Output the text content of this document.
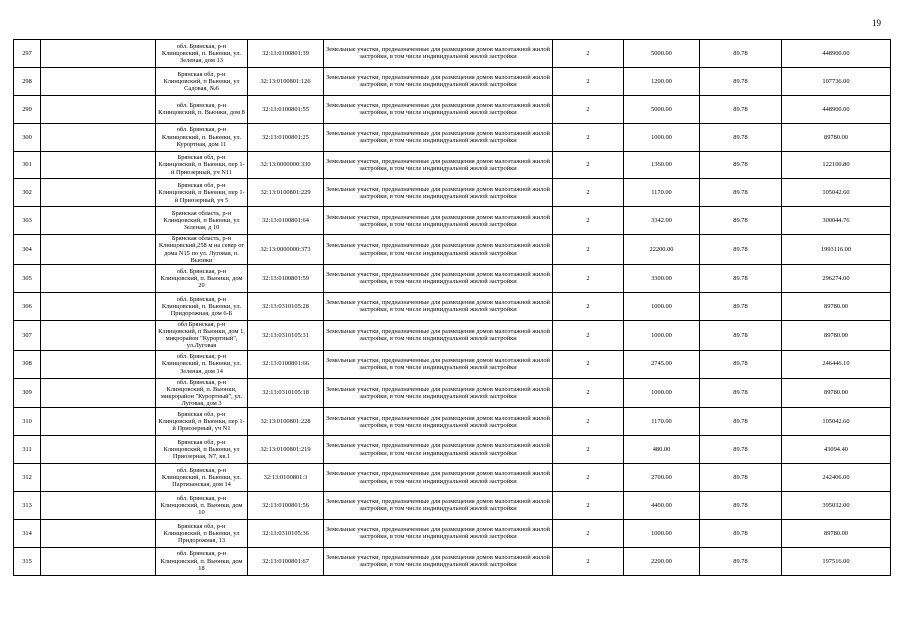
19
297		обл. Брянская, р-н Клинцовский, п. Вьюнки, ул. Зеленая, дом 13	32:13:0100801:39	Земельные участки, предназначенные для размещения домов малоэтажной жилой застройки, в том числе индивидуальной жилой застройки	2	5000.00	89.78	448900.00
298		Брянская обл, р-н Клинцовский, п Вьюнки, ул Садовая, №6	32:13:0100801:126	Земельные участки, предназначенные для размещения домов малоэтажной жилой застройки, в том числе индивидуальной жилой застройки	2	1200.00	89.78	107736.00
299		обл. Брянская, р-н Клинцовский, п. Вьюнки, дом 8	32:13:0100801:55	Земельные участки, предназначенные для размещения домов малоэтажной жилой застройки, в том числе индивидуальной жилой застройки	2	5000.00	89.78	448900.00
300		обл. Брянская, р-н Клинцовский, п. Вьюнки, ул. Курортная, дом 11	32:13:0100801:25	Земельные участки, предназначенные для размещения домов малоэтажной жилой застройки, в том числе индивидуальной жилой застройки	2	1000.00	89.78	89780.00
301		Брянская обл, р-н Клинцовский, п Вьюнки, пер 1-й Приозерный, уч N11	32:13:0000000:330	Земельные участки, предназначенные для размещения домов малоэтажной жилой застройки, в том числе индивидуальной жилой застройки	2	1360.00	89.78	122100.80
302		Брянская обл, р-н Клинцовский, п Вьюнки, пер 1-й Приозерный, уч 5	32:13:0100801:229	Земельные участки, предназначенные для размещения домов малоэтажной жилой застройки, в том числе индивидуальной жилой застройки	2	1170.00	89.78	105042.60
303		Брянская область, р-н Клинцовский, п Вьюнки, ул Зеленая, д 10	32:13:0100801:64	Земельные участки, предназначенные для размещения домов малоэтажной жилой застройки, в том числе индивидуальной жилой застройки	2	3342.00	89.78	300044.76
304		Брянская область, р-н Клинцовский,258 м на север от дома N15 по ул. Луговая, п. Вьюнки	32:13:0000000:373	Земельные участки, предназначенные для размещения домов малоэтажной жилой застройки, в том числе индивидуальной жилой застройки	2	22200.00	89.78	1993116.00
305		обл. Брянская, р-н Клинцовский, п. Вьюнки, дом 20	32:13:0100801:59	Земельные участки, предназначенные для размещения домов малоэтажной жилой застройки, в том числе индивидуальной жилой застройки	2	3300.00	89.78	296274.00
306		обл. Брянская, р-н Клинцовский, п. Вьюнки, ул. Придорожная, дом 6-Б	32:13:0310105:28	Земельные участки, предназначенные для размещения домов малоэтажной жилой застройки, в том числе индивидуальной жилой застройки	2	1000.00	89.78	89780.00
307		обл Брянская, р-н Клинцовский, п Вьюнки, дом 1, микрорайон "Курортный", ул.Луговая	32:13:0310105:31	Земельные участки, предназначенные для размещения домов малоэтажной жилой застройки, в том числе индивидуальной жилой застройки	2	1000.00	89.78	89780.00
308		обл. Брянская, р-н Клинцовский, п. Вьюнки, ул. Зеленая, дом 14	32:13:0100801:66	Земельные участки, предназначенные для размещения домов малоэтажной жилой застройки, в том числе индивидуальной жилой застройки	2	2745.00	89.78	246446.10
309		обл. Брянская, р-н Клинцовский, п. Вьюнки, микрорайон "Курортный", ул. Луговая, дом 3	32:13:0310105:18	Земельные участки, предназначенные для размещения домов малоэтажной жилой застройки, в том числе индивидуальной жилой застройки	2	1000.00	89.78	89780.00
310		Брянская обл, р-н Клинцовский, п Вьюнки, пер 1-й Приозерный, уч N1	32:13:0100801:228	Земельные участки, предназначенные для размещения домов малоэтажной жилой застройки, в том числе индивидуальной жилой застройки	2	1170.00	89.78	105042.60
311		Брянская обл, р-н Клинцовский, п Вьюнки, ул Приозерная, N7, кв.1	32:13:0100801:219	Земельные участки, предназначенные для размещения домов малоэтажной жилой застройки, в том числе индивидуальной жилой застройки	2	480.00	89.78	43094.40
312		обл. Брянская, р-н Клинцовский, п. Вьюнки, ул. Партизанская, дом 14	32:13:0100801:3	Земельные участки, предназначенные для размещения домов малоэтажной жилой застройки, в том числе индивидуальной жилой застройки	2	2700.00	89.78	242406.00
313		обл. Брянская, р-н Клинцовский, п. Вьюнки, дом 10	32:13:0100801:56	Земельные участки, предназначенные для размещения домов малоэтажной жилой застройки, в том числе индивидуальной жилой застройки	2	4400.00	89.78	395032.00
314		Брянская обл, р-н Клинцовский, п Вьюнки, ул Придорожная, 13	32:13:0310105:36	Земельные участки, предназначенные для размещения домов малоэтажной жилой застройки, в том числе индивидуальной жилой застройки	2	1000.00	89.78	89780.00
315		обл. Брянская, р-н Клинцовский, п. Вьюнки, дом 18	32:13:0100801:67	Земельные участки, предназначенные для размещения домов малоэтажной жилой застройки, в том числе индивидуальной жилой застройки	2	2200.00	89.78	197516.00
